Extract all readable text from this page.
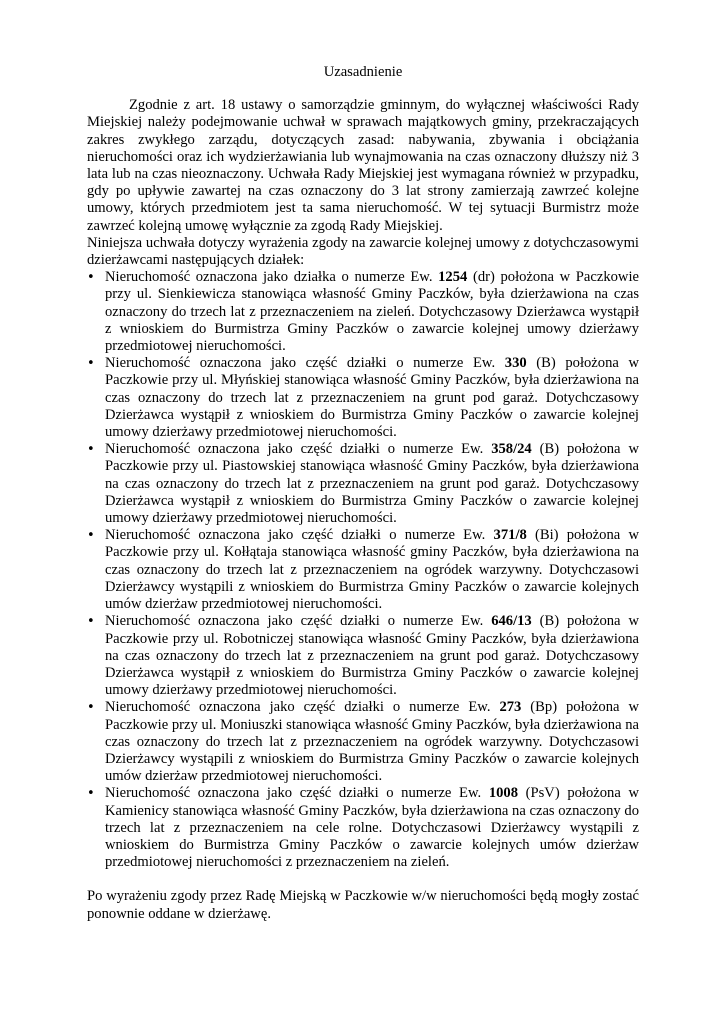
Uzasadnienie

Zgodnie z art. 18 ustawy o samorządzie gminnym, do wyłącznej właściwości Rady Miejskiej należy podejmowanie uchwał w sprawach majątkowych gminy, przekraczających zakres zwykłego zarządu, dotyczących zasad: nabywania, zbywania i obciążania nieruchomości oraz ich wydzierżawiania lub wynajmowania na czas oznaczony dłuższy niż 3 lata lub na czas nieoznaczony. Uchwała Rady Miejskiej jest wymagana również w przypadku, gdy po upływie zawartej na czas oznaczony do 3 lat strony zamierzają zawrzeć kolejne umowy, których przedmiotem jest ta sama nieruchomość. W tej sytuacji Burmistrz może zawrzeć kolejną umowę wyłącznie za zgodą Rady Miejskiej.

Niniejsza uchwała dotyczy wyrażenia zgody na zawarcie kolejnej umowy z dotychczasowymi dzierżawcami następujących działek:

•
Nieruchomość oznaczona jako działka o numerze Ew. 1254 (dr) położona w Paczkowie przy ul. Sienkiewicza stanowiąca własność Gminy Paczków, była dzierżawiona na czas oznaczony do trzech lat z przeznaczeniem na zieleń. Dotychczasowy Dzierżawca wystąpił z wnioskiem do Burmistrza Gminy Paczków o zawarcie kolejnej umowy dzierżawy przedmiotowej nieruchomości.
•
Nieruchomość oznaczona jako część działki o numerze Ew. 330 (B) położona w Paczkowie przy ul. Młyńskiej stanowiąca własność Gminy Paczków, była dzierżawiona na czas oznaczony do trzech lat z przeznaczeniem na grunt pod garaż. Dotychczasowy Dzierżawca wystąpił z wnioskiem do Burmistrza Gminy Paczków o zawarcie kolejnej umowy dzierżawy przedmiotowej nieruchomości.
•
Nieruchomość oznaczona jako część działki o numerze Ew. 358/24 (B) położona w Paczkowie przy ul. Piastowskiej stanowiąca własność Gminy Paczków, była dzierżawiona na czas oznaczony do trzech lat z przeznaczeniem na grunt pod garaż. Dotychczasowy Dzierżawca wystąpił z wnioskiem do Burmistrza Gminy Paczków o zawarcie kolejnej umowy dzierżawy przedmiotowej nieruchomości.
•
Nieruchomość oznaczona jako część działki o numerze Ew. 371/8 (Bi) położona w Paczkowie przy ul. Kołłątaja stanowiąca własność gminy Paczków, była dzierżawiona na czas oznaczony do trzech lat z przeznaczeniem na ogródek warzywny. Dotychczasowi Dzierżawcy wystąpili z wnioskiem do Burmistrza Gminy Paczków o zawarcie kolejnych umów dzierżaw przedmiotowej nieruchomości.
•
Nieruchomość oznaczona jako część działki o numerze Ew. 646/13 (B) położona w Paczkowie przy ul. Robotniczej stanowiąca własność Gminy Paczków, była dzierżawiona na czas oznaczony do trzech lat z przeznaczeniem na grunt pod garaż. Dotychczasowy Dzierżawca wystąpił z wnioskiem do Burmistrza Gminy Paczków o zawarcie kolejnej umowy dzierżawy przedmiotowej nieruchomości.
•
Nieruchomość oznaczona jako część działki o numerze Ew. 273 (Bp) położona w Paczkowie przy ul. Moniuszki stanowiąca własność Gminy Paczków, była dzierżawiona na czas oznaczony do trzech lat z przeznaczeniem na ogródek warzywny. Dotychczasowi Dzierżawcy wystąpili z wnioskiem do Burmistrza Gminy Paczków o zawarcie kolejnych umów dzierżaw przedmiotowej nieruchomości.
•
Nieruchomość oznaczona jako część działki o numerze Ew. 1008 (PsV) położona w Kamienicy stanowiąca własność Gminy Paczków, była dzierżawiona na czas oznaczony do trzech lat z przeznaczeniem na cele rolne. Dotychczasowi Dzierżawcy wystąpili z wnioskiem do Burmistrza Gminy Paczków o zawarcie kolejnych umów dzierżaw przedmiotowej nieruchomości z przeznaczeniem na zieleń.

Po wyrażeniu zgody przez Radę Miejską w Paczkowie w/w nieruchomości będą mogły zostać ponownie oddane w dzierżawę.
